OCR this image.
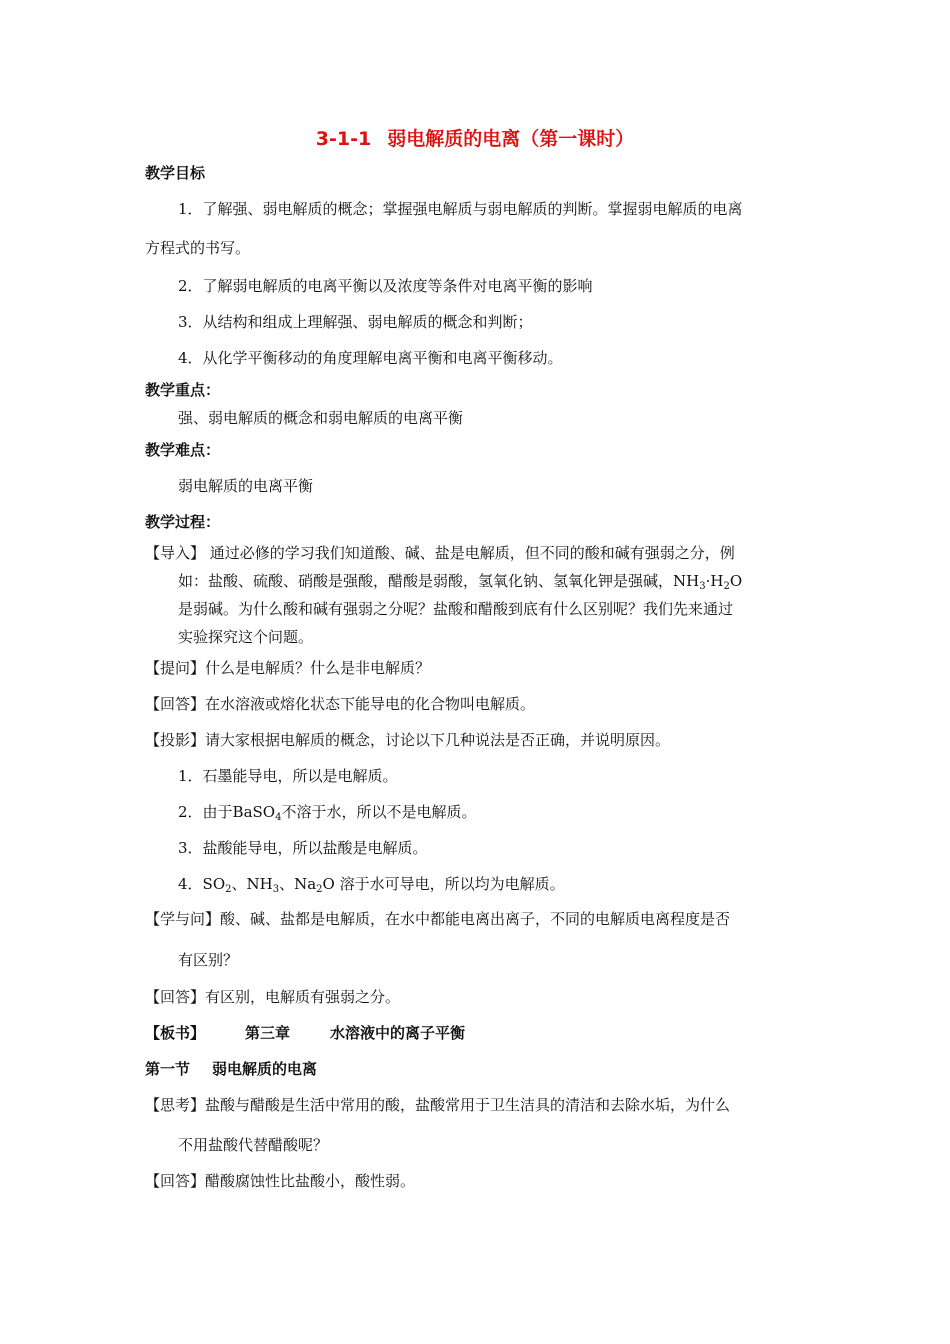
3-1-1 弱电解质的电离（第一课时）
教学目标
1．了解强、弱电解质的概念；掌握强电解质与弱电解质的判断。掌握弱电解质的电离
方程式的书写。
2．了解弱电解质的电离平衡以及浓度等条件对电离平衡的影响
3．从结构和组成上理解强、弱电解质的概念和判断；
4．从化学平衡移动的角度理解电离平衡和电离平衡移动。
教学重点：
强、弱电解质的概念和弱电解质的电离平衡
教学难点：
弱电解质的电离平衡
教学过程：
【导入】 通过必修的学习我们知道酸、碱、盐是电解质，但不同的酸和碱有强弱之分，例
如：盐酸、硫酸、硝酸是强酸，醋酸是弱酸，氢氧化钠、氢氧化钾是强碱，$NH_3\cdot H_2O$
是弱碱。为什么酸和碱有强弱之分呢？盐酸和醋酸到底有什么区别呢？我们先来通过
实验探究这个问题。
【提问】什么是电解质？什么是非电解质？
【回答】在水溶液或熔化状态下能导电的化合物叫电解质。
【投影】请大家根据电解质的概念，讨论以下几种说法是否正确，并说明原因。
1．石墨能导电，所以是电解质。
2．由于BaSO$_4$不溶于水，所以不是电解质。
3．盐酸能导电，所以盐酸是电解质。
4．$SO_2$、$NH_3$、$Na_2O$ 溶于水可导电，所以均为电解质。
【学与问】酸、碱、盐都是电解质，在水中都能电离出离子，不同的电解质电离程度是否
有区别？
【回答】有区别，电解质有强弱之分。
【板书】	第三章	水溶液中的离子平衡
第一节 弱电解质的电离
【思考】盐酸与醋酸是生活中常用的酸，盐酸常用于卫生洁具的清洁和去除水垢，为什么
不用盐酸代替醋酸呢？
【回答】醋酸腐蚀性比盐酸小，酸性弱。
